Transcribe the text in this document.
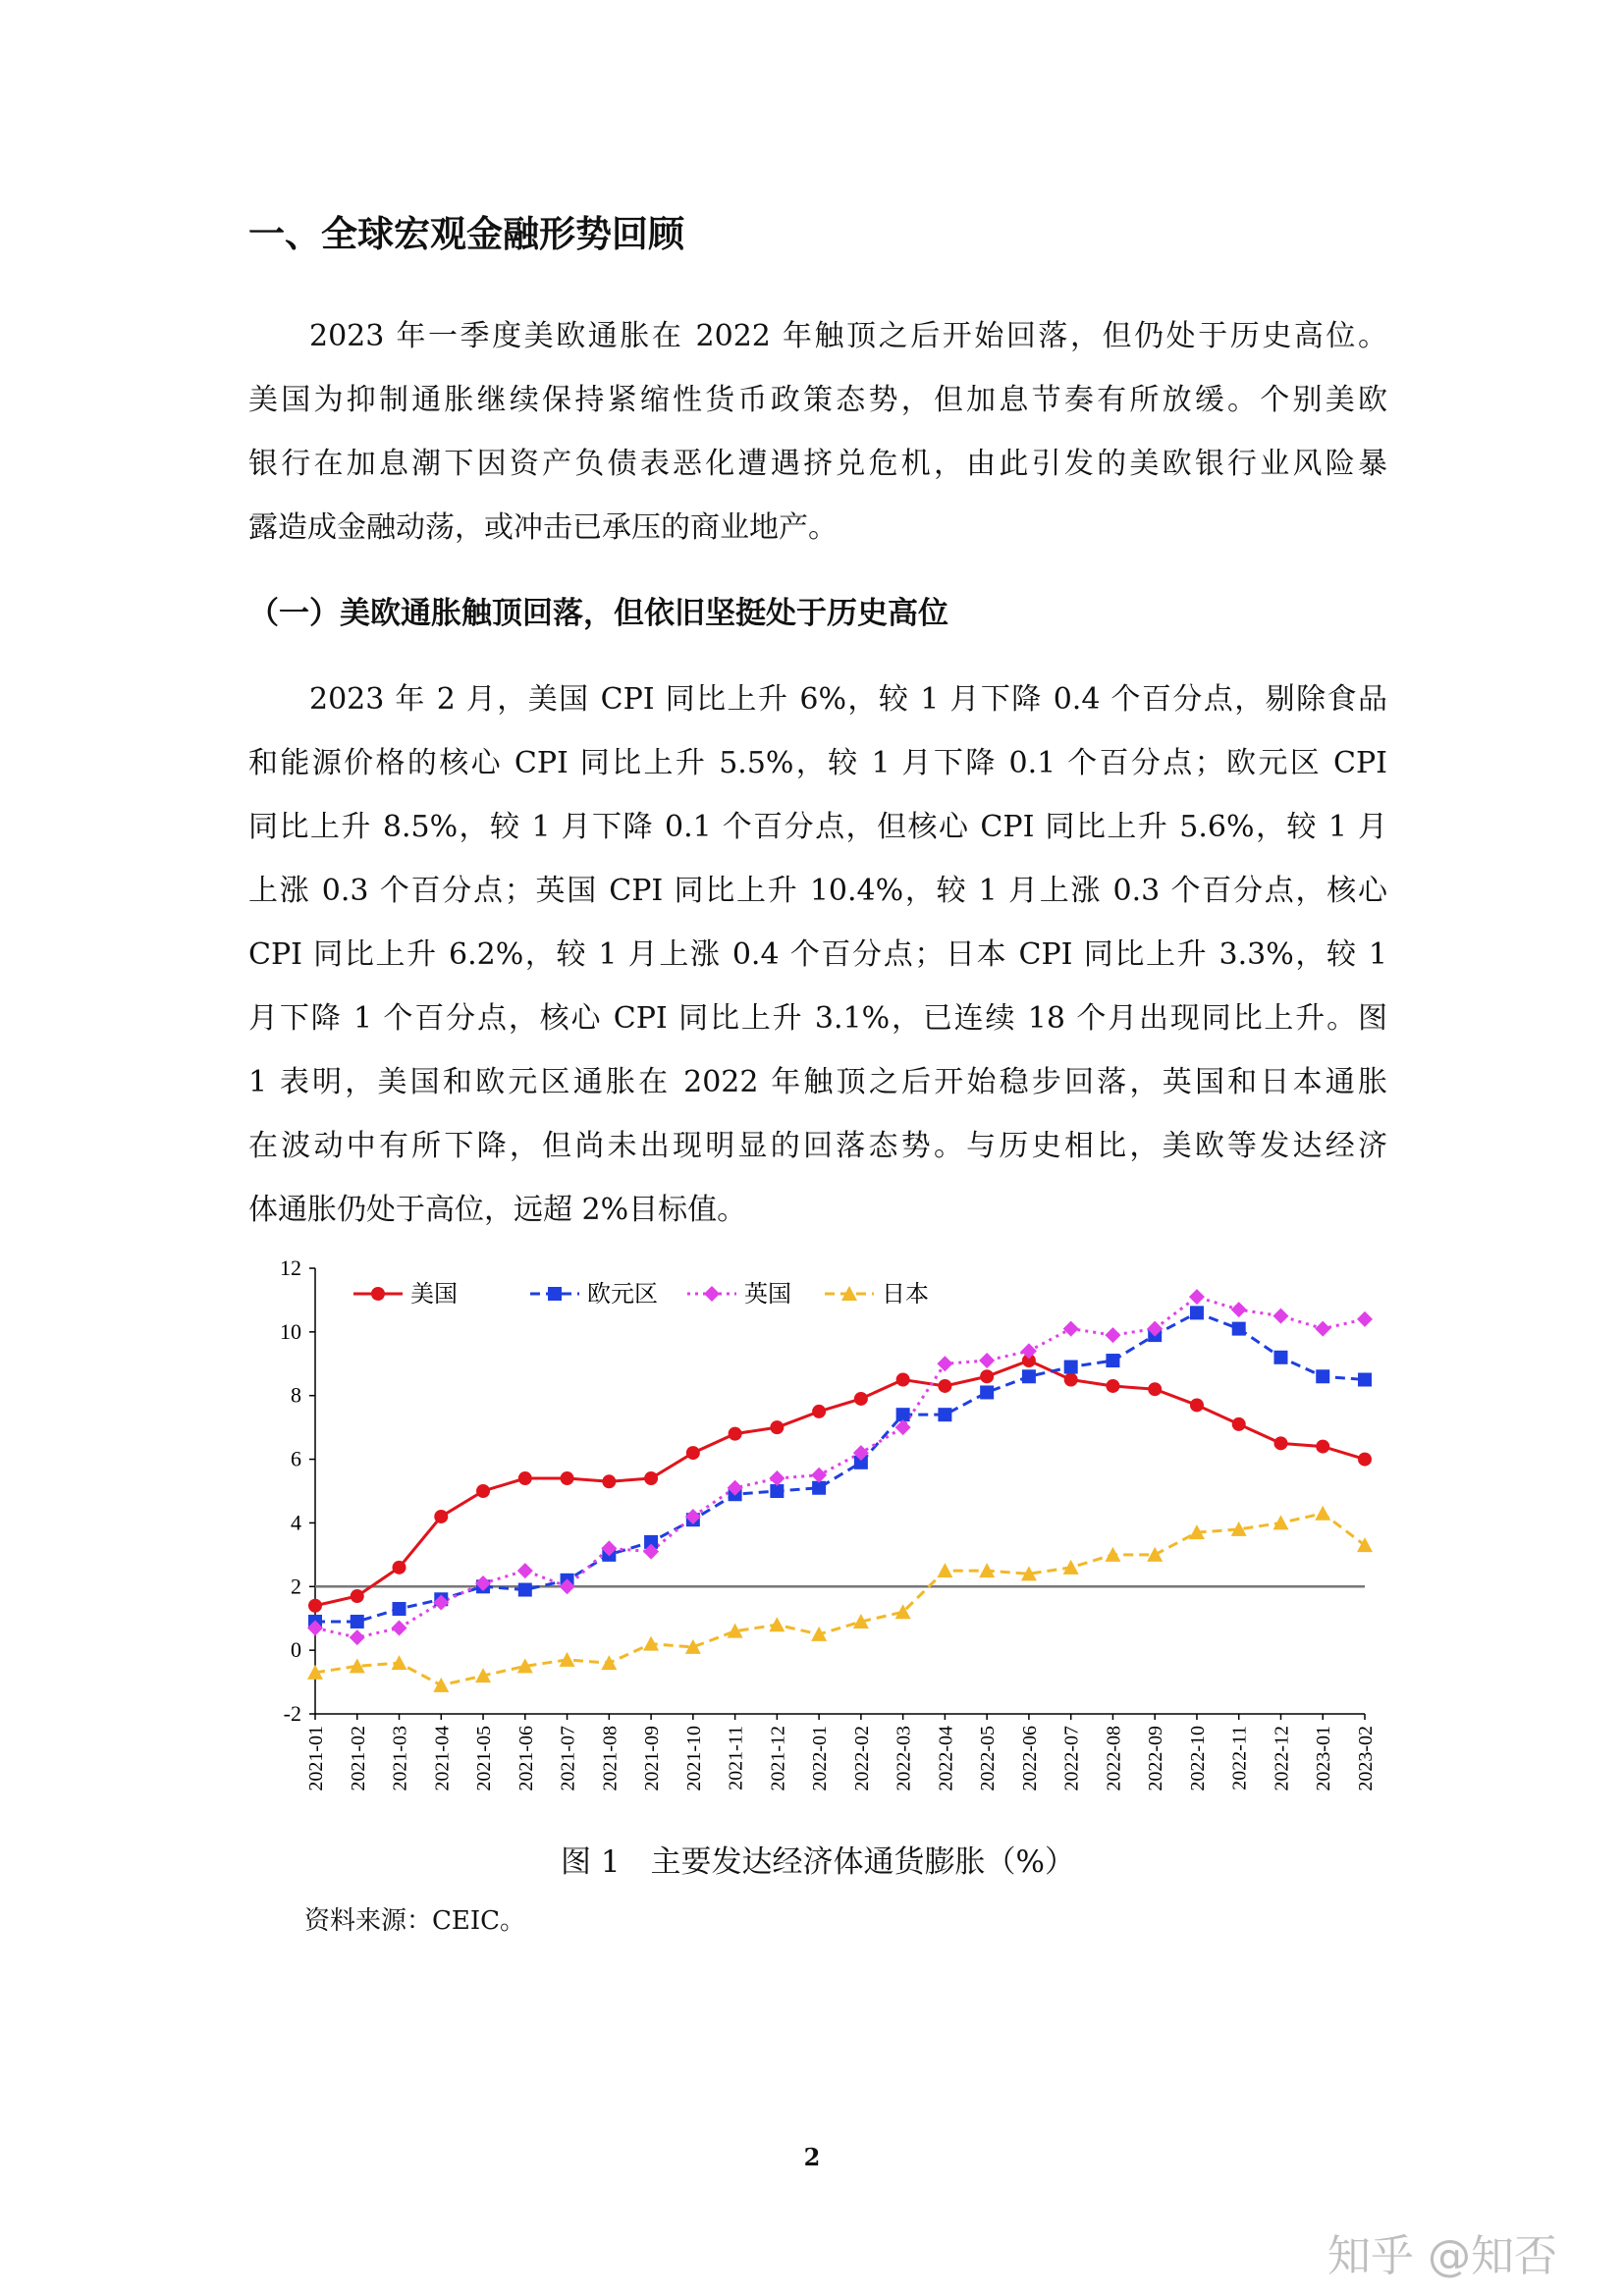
一、全球宏观金融形势回顾
2023 年一季度美欧通胀在 2022 年触顶之后开始回落，但仍处于历史高位。
美国为抑制通胀继续保持紧缩性货币政策态势，但加息节奏有所放缓。个别美欧
银行在加息潮下因资产负债表恶化遭遇挤兑危机，由此引发的美欧银行业风险暴
露造成金融动荡，或冲击已承压的商业地产。
（一）美欧通胀触顶回落，但依旧坚挺处于历史高位
2023 年 2 月，美国 CPI 同比上升 6%，较 1 月下降 0.4 个百分点，剔除食品
和能源价格的核心 CPI 同比上升 5.5%，较 1 月下降 0.1 个百分点；欧元区 CPI
同比上升 8.5%，较 1 月下降 0.1 个百分点，但核心 CPI 同比上升 5.6%，较 1 月
上涨 0.3 个百分点；英国 CPI 同比上升 10.4%，较 1 月上涨 0.3 个百分点，核心
CPI 同比上升 6.2%，较 1 月上涨 0.4 个百分点；日本 CPI 同比上升 3.3%，较 1
月下降 1 个百分点，核心 CPI 同比上升 3.1%，已连续 18 个月出现同比上升。图
1 表明，美国和欧元区通胀在 2022 年触顶之后开始稳步回落，英国和日本通胀
在波动中有所下降，但尚未出现明显的回落态势。与历史相比，美欧等发达经济
体通胀仍处于高位，远超 2%目标值。
-2
0
2
4
6
8
10
12
2021-01 2021-02 2021-03 2021-04 2021-05 2021-06 2021-07 2021-08 2021-09 2021-10 2021-11 2021-12 2022-01 2022-02 2022-03 2022-04 2022-05 2022-06 2022-07 2022-08 2022-09 2022-10 2022-11 2022-12 2023-01 2023-02
美国	欧元区	英国	日本
图 1　主要发达经济体通货膨胀（%）
资料来源：CEIC。
2
知乎 @知否
